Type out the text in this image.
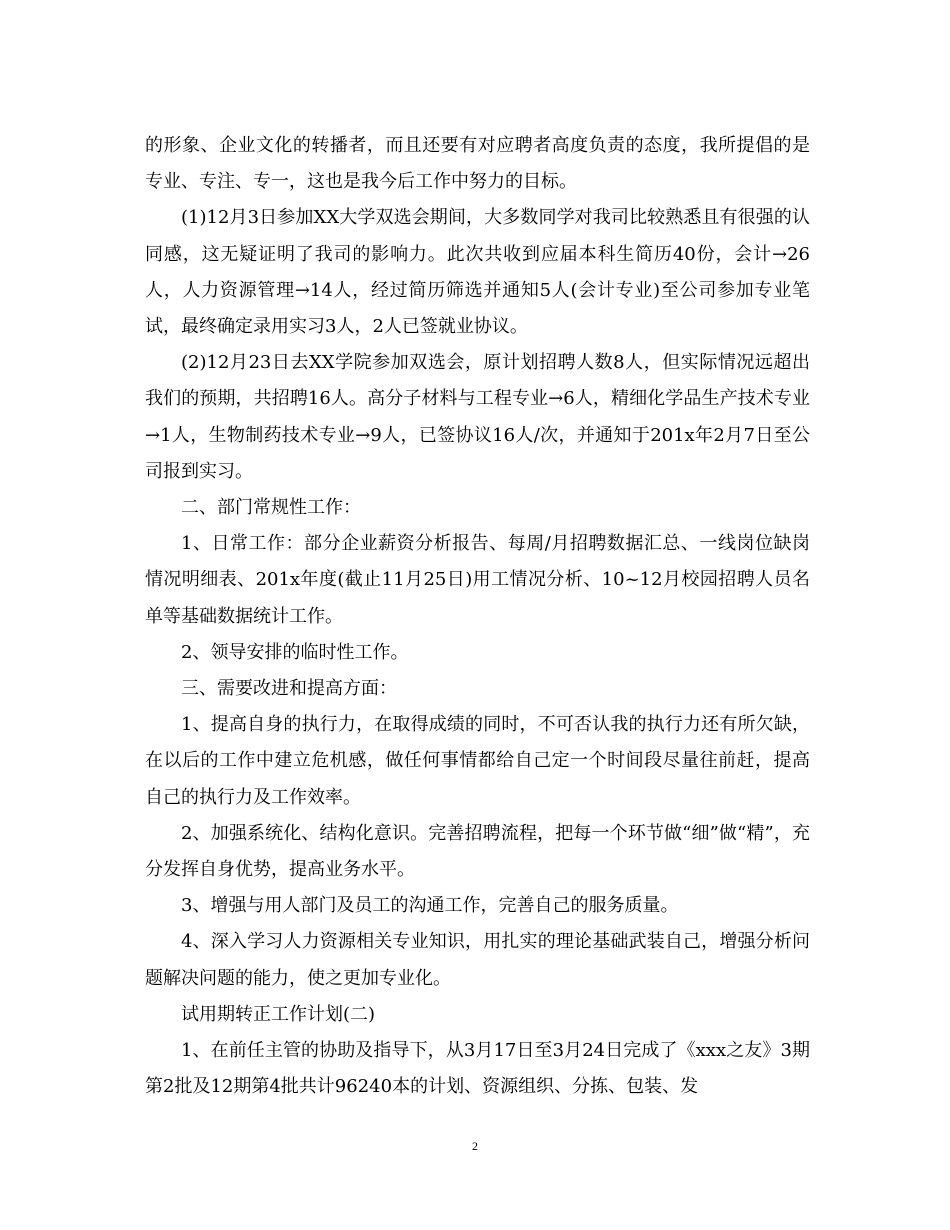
的形象、企业文化的转播者，而且还要有对应聘者高度负责的态度，我所提倡的是专业、专注、专一，这也是我今后工作中努力的目标。

(1)12月3日参加XX大学双选会期间，大多数同学对我司比较熟悉且有很强的认同感，这无疑证明了我司的影响力。此次共收到应届本科生简历40份，会计→26人，人力资源管理→14人，经过简历筛选并通知5人(会计专业)至公司参加专业笔试，最终确定录用实习3人，2人已签就业协议。

(2)12月23日去XX学院参加双选会，原计划招聘人数8人，但实际情况远超出我们的预期，共招聘16人。高分子材料与工程专业→6人，精细化学品生产技术专业→1人，生物制药技术专业→9人，已签协议16人/次，并通知于201x年2月7日至公司报到实习。

二、部门常规性工作：

1、日常工作：部分企业薪资分析报告、每周/月招聘数据汇总、一线岗位缺岗情况明细表、201x年度(截止11月25日)用工情况分析、10~12月校园招聘人员名单等基础数据统计工作。

2、领导安排的临时性工作。

三、需要改进和提高方面：

1、提高自身的执行力，在取得成绩的同时，不可否认我的执行力还有所欠缺，在以后的工作中建立危机感，做任何事情都给自己定一个时间段尽量往前赶，提高自己的执行力及工作效率。

2、加强系统化、结构化意识。完善招聘流程，把每一个环节做“细”做“精”，充分发挥自身优势，提高业务水平。

3、增强与用人部门及员工的沟通工作，完善自己的服务质量。

4、深入学习人力资源相关专业知识，用扎实的理论基础武装自己，增强分析问题解决问题的能力，使之更加专业化。

试用期转正工作计划(二)

1、在前任主管的协助及指导下，从3月17日至3月24日完成了《xxx之友》3期第2批及12期第4批共计96240本的计划、资源组织、分拣、包装、发

2
